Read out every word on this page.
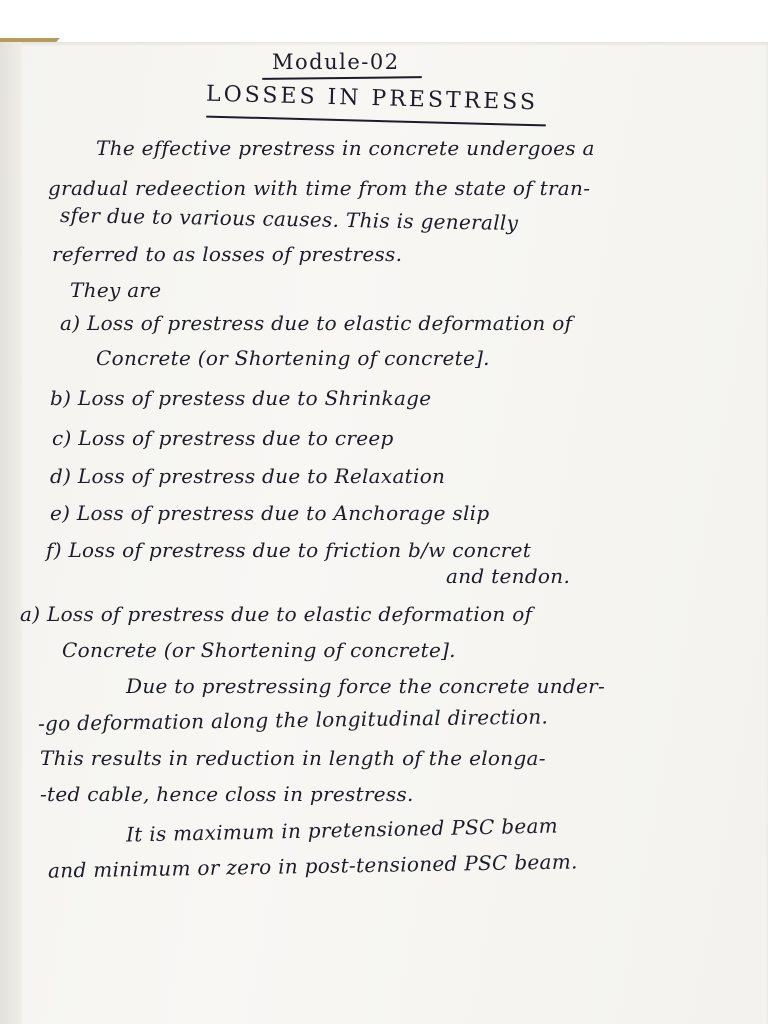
Module-02

LOSSES IN PRESTRESS

The effective prestress in concrete undergoes a

gradual redeection with time from the state of tran-

sfer due to various causes. This is generally

referred to as losses of prestress.

They are

a) Loss of prestress due to elastic deformation of

Concrete (or Shortening of concrete].

b) Loss of prestess due to Shrinkage

c) Loss of prestress due to creep

d) Loss of prestress due to Relaxation

e) Loss of prestress due to Anchorage slip

f) Loss of prestress due to friction b/w concret

and tendon.

a) Loss of prestress due to elastic deformation of

Concrete (or Shortening of concrete].

Due to prestressing force the concrete under-

-go deformation along the longitudinal direction.

This results in reduction in length of the elonga-

-ted cable, hence closs in prestress.

It is maximum in pretensioned PSC beam

and minimum or zero in post-tensioned PSC beam.
